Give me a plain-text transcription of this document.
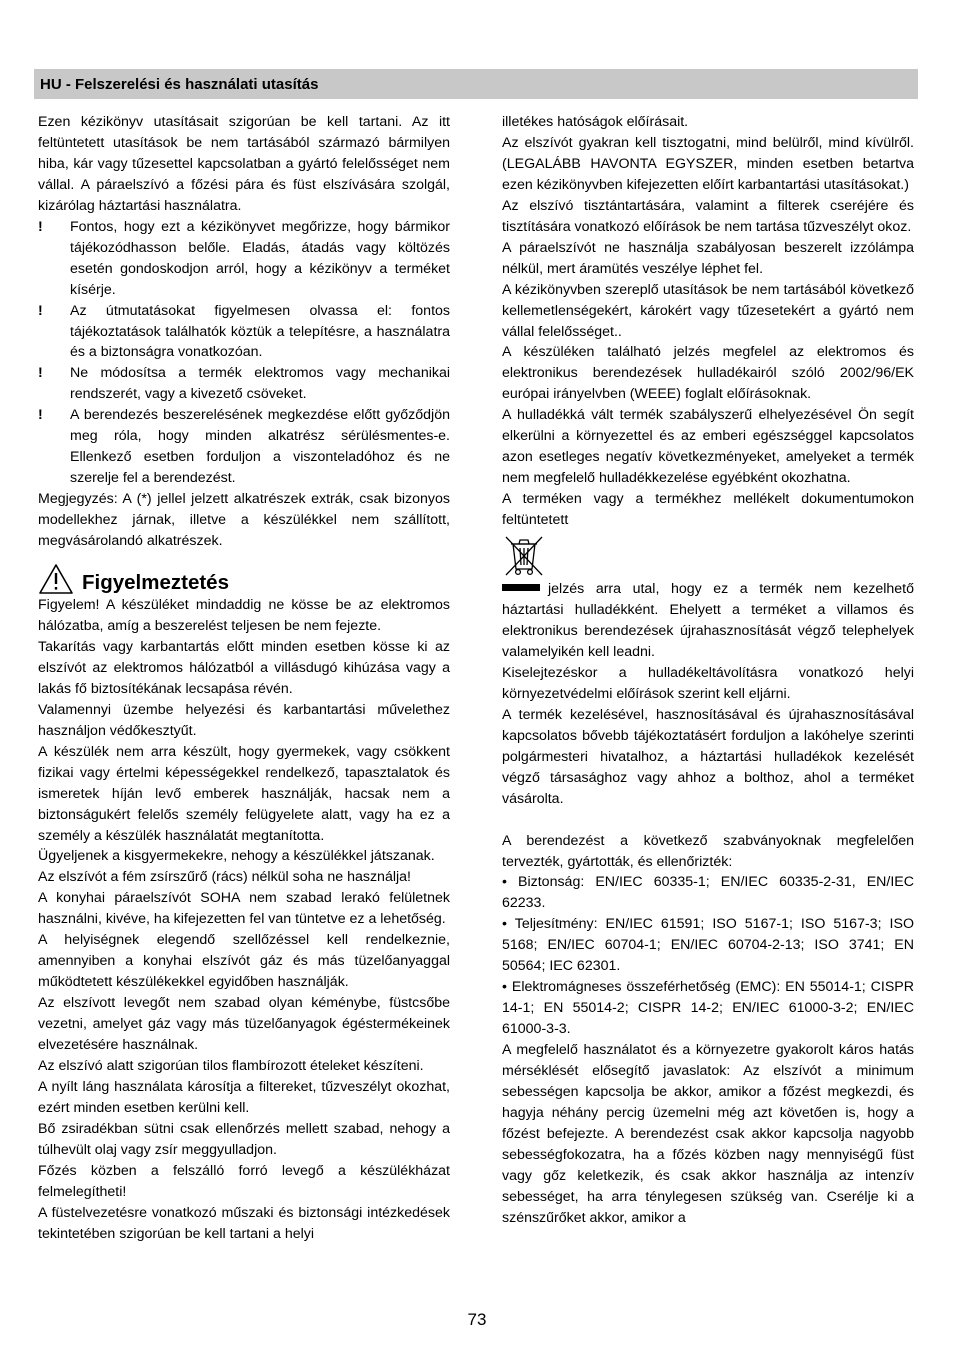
HU - Felszerelési és használati utasítás

Ezen kézikönyv utasításait szigorúan be kell tartani. Az itt feltüntetett utasítások be nem tartásából származó bármilyen hiba, kár vagy tűzesettel kapcsolatban a gyártó felelősséget nem vállal. A páraelszívó a főzési pára és füst elszívására szolgál, kizárólag háztartási használatra.

!	Fontos, hogy ezt a kézikönyvet megőrizze, hogy bármikor tájékozódhasson belőle. Eladás, átadás vagy költözés esetén gondoskodjon arról, hogy a kézikönyv a terméket kísérje.
!	Az útmutatásokat figyelmesen olvassa el: fontos tájékoztatások találhatók köztük a telepítésre, a használatra és a biztonságra vonatkozóan.
!	Ne módosítsa a termék elektromos vagy mechanikai rendszerét, vagy a kivezető csöveket.
!	A berendezés beszerelésének megkezdése előtt győződjön meg róla, hogy minden alkatrész sérülésmentes-e. Ellenkező esetben forduljon a viszonteladóhoz és ne szerelje fel a berendezést.

Megjegyzés: A (*) jellel jelzett alkatrészek extrák, csak bizonyos modellekhez járnak, illetve a készülékkel nem szállított, megvásárolandó alkatrészek.

Figyelmeztetés

Figyelem! A készüléket mindaddig ne kösse be az elektromos hálózatba, amíg a beszerelést teljesen be nem fejezte.

Takarítás vagy karbantartás előtt minden esetben kösse ki az elszívót az elektromos hálózatból a villásdugó kihúzása vagy a lakás fő biztosítékának lecsapása révén.

Valamennyi üzembe helyezési és karbantartási művelethez használjon védőkesztyűt.

A készülék nem arra készült, hogy gyermekek, vagy csökkent fizikai vagy értelmi képességekkel rendelkező, tapasztalatok és ismeretek híján levő emberek használják, hacsak nem a biztonságukért felelős személy felügyelete alatt, vagy ha ez a személy a készülék használatát megtanította.

Ügyeljenek a kisgyermekekre, nehogy a készülékkel játszanak.

Az elszívót a fém zsírszűrő (rács) nélkül soha ne használja!

A konyhai páraelszívót SOHA nem szabad lerakó felületnek használni, kivéve, ha kifejezetten fel van tüntetve ez a lehetőség.

A helyiségnek elegendő szellőzéssel kell rendelkeznie, amennyiben a konyhai elszívót gáz és más tüzelőanyaggal működtetett készülékekkel egyidőben használják.

Az elszívott levegőt nem szabad olyan kéménybe, füstcsőbe vezetni, amelyet gáz vagy más tüzelőanyagok égéstermékeinek elvezetésére használnak.

Az elszívó alatt szigorúan tilos flambírozott ételeket készíteni.

A nyílt láng használata károsítja a filtereket, tűzveszélyt okozhat, ezért minden esetben kerülni kell.

Bő zsiradékban sütni csak ellenőrzés mellett szabad, nehogy a túlhevült olaj vagy zsír meggyulladjon.

Főzés közben a felszálló forró levegő a készülékházat felmelegítheti!

A füstelvezetésre vonatkozó műszaki és biztonsági intézkedések tekintetében szigorúan be kell tartani a helyi

illetékes hatóságok előírásait.

Az elszívót gyakran kell tisztogatni, mind belülről, mind kívülről. (LEGALÁBB HAVONTA EGYSZER, minden esetben betartva ezen kézikönyvben kifejezetten előírt karbantartási utasításokat.)

Az elszívó tisztántartására, valamint a filterek cseréjére és tisztítására vonatkozó előírások be nem tartása tűzveszélyt okoz.

A páraelszívót ne használja szabályosan beszerelt izzólámpa nélkül, mert áramütés veszélye léphet fel.

A kézikönyvben szereplő utasítások be nem tartásából következő kellemetlenségekért, károkért vagy tűzesetekért a gyártó nem vállal felelősséget..

A készüléken található jelzés megfelel az elektromos és elektronikus berendezések hulladékairól szóló 2002/96/EK európai irányelvben (WEEE) foglalt előírásoknak.

A hulladékká vált termék szabályszerű elhelyezésével Ön segít elkerülni a környezettel és az emberi egészséggel kapcsolatos azon esetleges negatív következményeket, amelyeket a termék nem megfelelő hulladékkezelése egyébként okozhatna.

A terméken vagy a termékhez mellékelt dokumentumokon feltüntetett

jelzés arra utal, hogy ez a termék nem kezelhető háztartási hulladékként. Ehelyett a terméket a villamos és elektronikus berendezések újrahasznosítását végző telephelyek valamelyikén kell leadni.

Kiselejtezéskor a hulladékeltávolításra vonatkozó helyi környezetvédelmi előírások szerint kell eljárni.

A termék kezelésével, hasznosításával és újrahasznosításával kapcsolatos bővebb tájékoztatásért forduljon a lakóhelye szerinti polgármesteri hivatalhoz, a háztartási hulladékok kezelését végző társasághoz vagy ahhoz a bolthoz, ahol a terméket vásárolta.

A berendezést a következő szabványoknak megfelelően tervezték, gyártották, és ellenőrizték:

• Biztonság: EN/IEC 60335-1; EN/IEC 60335-2-31, EN/IEC 62233.

• Teljesítmény: EN/IEC 61591; ISO 5167-1; ISO 5167-3; ISO 5168; EN/IEC 60704-1; EN/IEC 60704-2-13; ISO 3741; EN 50564; IEC 62301.

• Elektromágneses összeférhetőség (EMC): EN 55014-1; CISPR 14-1; EN 55014-2; CISPR 14-2; EN/IEC 61000-3-2; EN/IEC 61000-3-3.

A megfelelő használatot és a környezetre gyakorolt káros hatás mérséklését elősegítő javaslatok: Az elszívót a minimum sebességen kapcsolja be akkor, amikor a főzést megkezdi, és hagyja néhány percig üzemelni még azt követően is, hogy a főzést befejezte. A berendezést csak akkor kapcsolja nagyobb sebességfokozatra, ha a főzés közben nagy mennyiségű füst vagy gőz keletkezik, és csak akkor használja az intenzív sebességet, ha arra ténylegesen szükség van. Cserélje ki a szénszűrőket akkor, amikor a

73
